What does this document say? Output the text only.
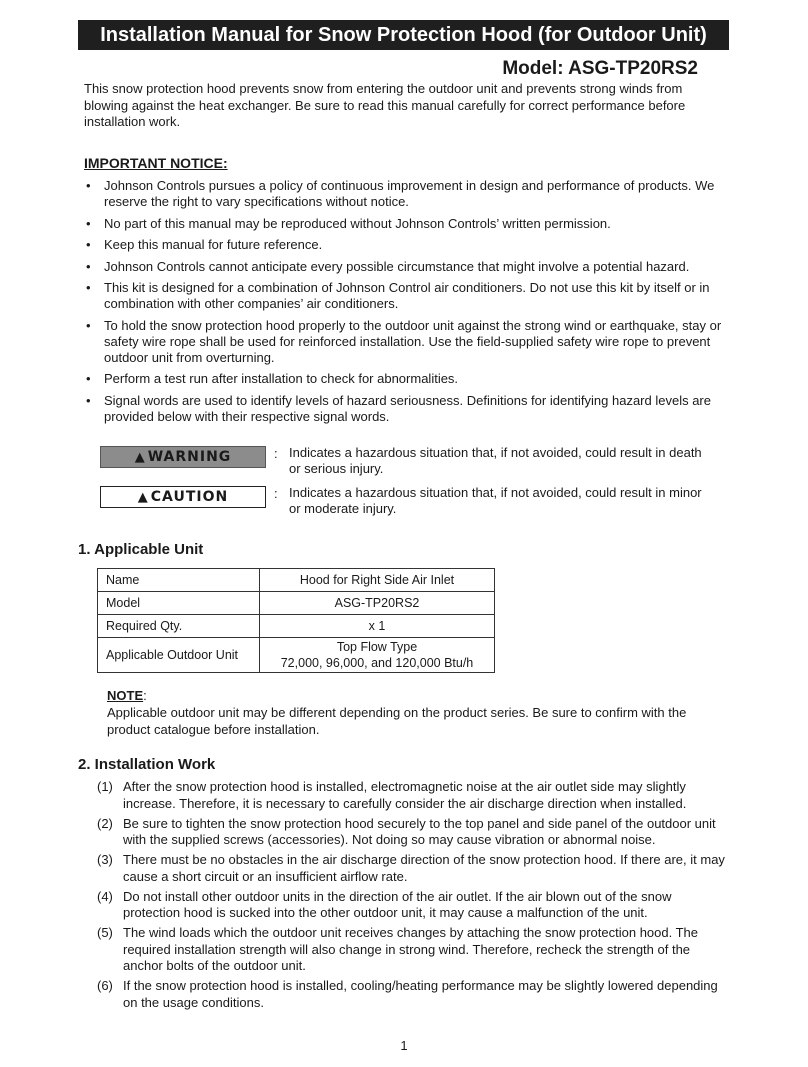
Installation Manual for Snow Protection Hood (for Outdoor Unit)
Model: ASG-TP20RS2
This snow protection hood prevents snow from entering the outdoor unit and prevents strong winds from blowing against the heat exchanger. Be sure to read this manual carefully for correct performance before installation work.
IMPORTANT NOTICE:
• Johnson Controls pursues a policy of continuous improvement in design and performance of products. We reserve the right to vary specifications without notice.
• No part of this manual may be reproduced without Johnson Controls’ written permission.
• Keep this manual for future reference.
• Johnson Controls cannot anticipate every possible circumstance that might involve a potential hazard.
• This kit is designed for a combination of Johnson Control air conditioners. Do not use this kit by itself or in combination with other companies’ air conditioners.
• To hold the snow protection hood properly to the outdoor unit against the strong wind or earthquake, stay or safety wire rope shall be used for reinforced installation. Use the field-supplied safety wire rope to prevent outdoor unit from overturning.
• Perform a test run after installation to check for abnormalities.
• Signal words are used to identify levels of hazard seriousness. Definitions for identifying hazard levels are provided below with their respective signal words.
▲ WARNING	: Indicates a hazardous situation that, if not avoided, could result in death or serious injury.
▲ CAUTION	: Indicates a hazardous situation that, if not avoided, could result in minor or moderate injury.
1. Applicable Unit
Name	Hood for Right Side Air Inlet
Model	ASG-TP20RS2
Required Qty.	x 1
Applicable Outdoor Unit	Top Flow Type
72,000, 96,000, and 120,000 Btu/h
NOTE:
Applicable outdoor unit may be different depending on the product series. Be sure to confirm with the product catalogue before installation.
2. Installation Work
(1) After the snow protection hood is installed, electromagnetic noise at the air outlet side may slightly increase. Therefore, it is necessary to carefully consider the air discharge direction when installed.
(2) Be sure to tighten the snow protection hood securely to the top panel and side panel of the outdoor unit with the supplied screws (accessories). Not doing so may cause vibration or abnormal noise.
(3) There must be no obstacles in the air discharge direction of the snow protection hood. If there are, it may cause a short circuit or an insufficient airflow rate.
(4) Do not install other outdoor units in the direction of the air outlet. If the air blown out of the snow protection hood is sucked into the other outdoor unit, it may cause a malfunction of the unit.
(5) The wind loads which the outdoor unit receives changes by attaching the snow protection hood. The required installation strength will also change in strong wind. Therefore, recheck the strength of the anchor bolts of the outdoor unit.
(6) If the snow protection hood is installed, cooling/heating performance may be slightly lowered depending on the usage conditions.
1
